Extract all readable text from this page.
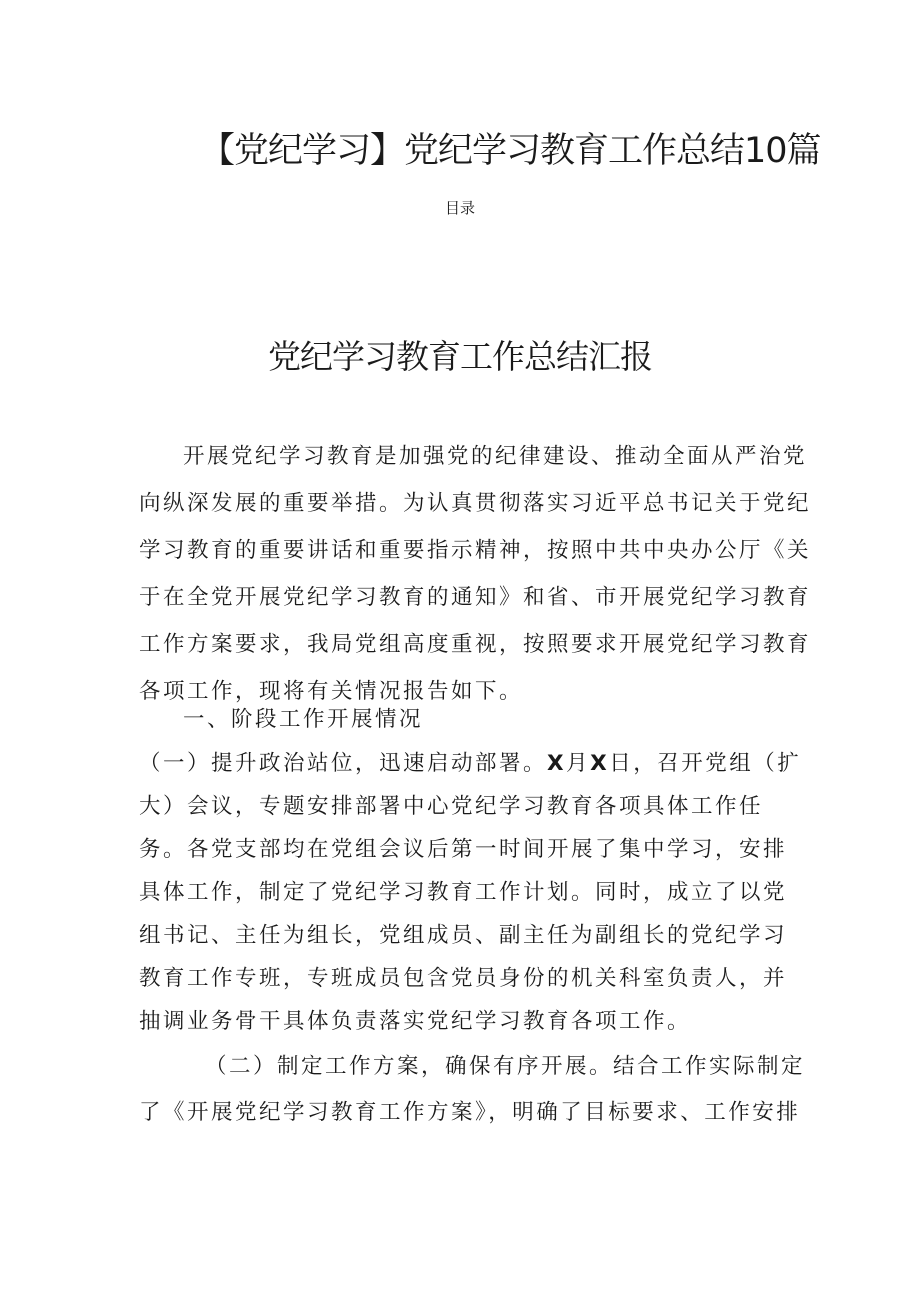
【党纪学习】党纪学习教育工作总结10篇
目录
党纪学习教育工作总结汇报
开展党纪学习教育是加强党的纪律建设、推动全面从严治党
向纵深发展的重要举措。为认真贯彻落实习近平总书记关于党纪
学习教育的重要讲话和重要指示精神，按照中共中央办公厅《关
于在全党开展党纪学习教育的通知》和省、市开展党纪学习教育
工作方案要求，我局党组高度重视，按照要求开展党纪学习教育
各项工作，现将有关情况报告如下。
一、阶段工作开展情况
（一）提升政治站位，迅速启动部署。X月X日，召开党组（扩
大）会议，专题安排部署中心党纪学习教育各项具体工作任
务。各党支部均在党组会议后第一时间开展了集中学习，安排
具体工作，制定了党纪学习教育工作计划。同时，成立了以党
组书记、主任为组长，党组成员、副主任为副组长的党纪学习
教育工作专班，专班成员包含党员身份的机关科室负责人，并
抽调业务骨干具体负责落实党纪学习教育各项工作。
（二）制定工作方案，确保有序开展。结合工作实际制定
了《开展党纪学习教育工作方案》，明确了目标要求、工作安排
